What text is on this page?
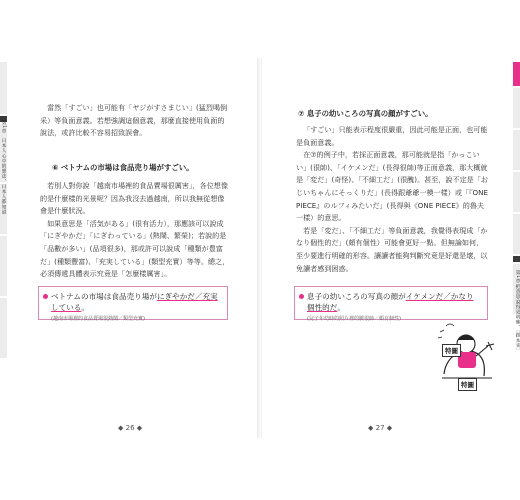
第1章
日本人心中的想法，日本人都知道

當然「すごい」也可能有「ヤジがすさまじい」(猛烈喝倒采）等負面意義。若想強調這個意義，那麼直接使用負面的說法，或許比較不容易招致誤會。

⑥ ベトナムの市場は食品売り場がすごい。

若別人對你說「越南市場裡的食品賣場很厲害」，各位想像的是什麼樣的光景呢？因為我沒去過越南，所以我無從想像會是什麼狀況。

如果意思是「活気がある」(很有活力），那應該可以說成「にぎやかだ」「にぎわっている」(熱鬧、繁榮)；若說的是「品數が多い」(品項很多)，那或許可以說成「種類が豊富だ」(種類豐富)、「充実している」(類型充實）等等。總之，必須傳遞具體表示究竟是「怎麼樣厲害」。

ベトナムの市場は食品売り場がにぎやかだ／充実している。
(越南市場裡的食品賣場很熱鬧／類型充實)
◆ 26 ◆
第1章
把意思說得更明確，〔跟本來〕
⑦ 息子の幼いころの写真の顔がすごい。

「すごい」只能表示程度很嚴重，因此可能是正面，也可能是負面意義。

在⑦的例子中，若採正面意義，那可能就是指「かっこいい」(很帥)、「イケメンだ」(長得很帥)等正面意義，那大概就是「変だ」(奇怪)、「不細工だ」(很醜)。甚至，說不定是「おじいちゃんにそっくりだ」(長得跟爺爺一模一樣）或「『ONE PIECE』のルフィみたいだ」(長得與《ONE PIECE》的魯夫一樣）的意思。

若是「変だ」、「不細工だ」等負面意義，我覺得表現成「かなり個性的だ」(頗有個性）可能會更好一點。但無論如何，至少要進行明確的形容。讓讀者能夠判斷究竟是好還是壞，以免讀者感到困惑。

息子の幼いころの写真の顔がイケメンだ／かなり個性的だ。
(兒子年幼時的照片裡的臉很帥／頗有個性)
特圖
特圖
◆ 27 ◆
